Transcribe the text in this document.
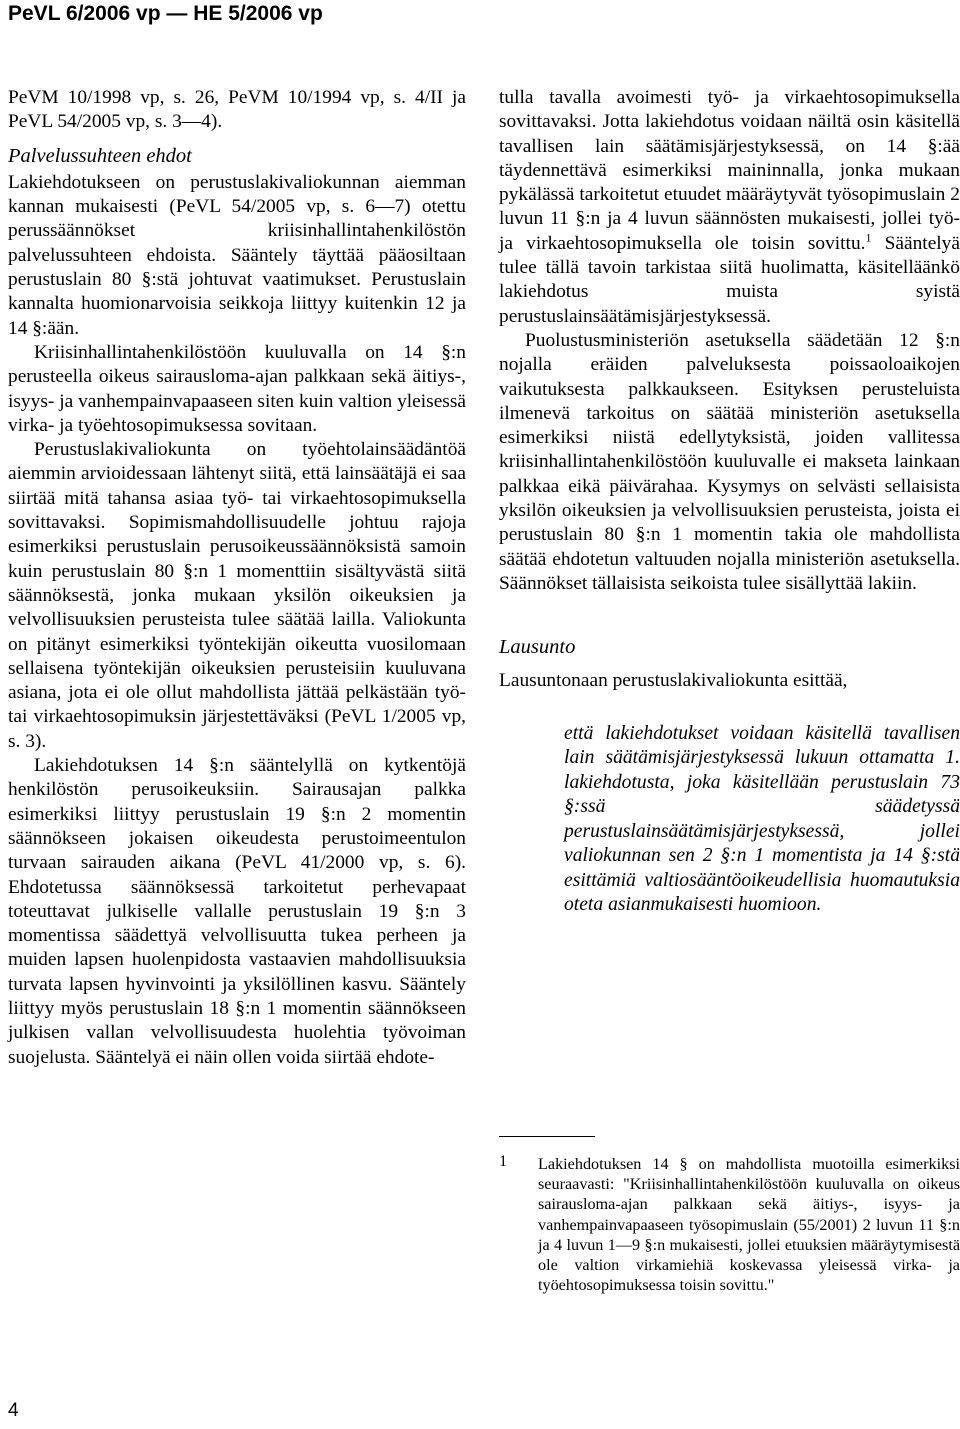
PeVL 6/2006 vp — HE 5/2006 vp

PeVM 10/1998 vp, s. 26, PeVM 10/1994 vp, s. 4/II ja PeVL 54/2005 vp, s. 3—4).

Palvelussuhteen ehdot

Lakiehdotukseen on perustuslakivaliokunnan aiemman kannan mukaisesti (PeVL 54/2005 vp, s. 6—7) otettu perussäännökset kriisinhallintahenkilöstön palvelussuhteen ehdoista. Sääntely täyttää pääosiltaan perustuslain 80 §:stä johtuvat vaatimukset. Perustuslain kannalta huomionarvoisia seikkoja liittyy kuitenkin 12 ja 14 §:ään.

Kriisinhallintahenkilöstöön kuuluvalla on 14 §:n perusteella oikeus sairausloma-ajan palkkaan sekä äitiys-, isyys- ja vanhempainvapaaseen siten kuin valtion yleisessä virka- ja työehtosopimuksessa sovitaan.

Perustuslakivaliokunta on työehtolainsäädäntöä aiemmin arvioidessaan lähtenyt siitä, että lainsäätäjä ei saa siirtää mitä tahansa asiaa työ- tai virkaehtosopimuksella sovittavaksi. Sopimismahdollisuudelle johtuu rajoja esimerkiksi perustuslain perusoikeussäännöksistä samoin kuin perustuslain 80 §:n 1 momenttiin sisältyvästä siitä säännöksestä, jonka mukaan yksilön oikeuksien ja velvollisuuksien perusteista tulee säätää lailla. Valiokunta on pitänyt esimerkiksi työntekijän oikeutta vuosilomaan sellaisena työntekijän oikeuksien perusteisiin kuuluvana asiana, jota ei ole ollut mahdollista jättää pelkästään työ- tai virkaehtosopimuksin järjestettäväksi (PeVL 1/2005 vp, s. 3).

Lakiehdotuksen 14 §:n sääntelyllä on kytkentöjä henkilöstön perusoikeuksiin. Sairausajan palkka esimerkiksi liittyy perustuslain 19 §:n 2 momentin säännökseen jokaisen oikeudesta perustoimeentulon turvaan sairauden aikana (PeVL 41/2000 vp, s. 6). Ehdotetussa säännöksessä tarkoitetut perhevapaat toteuttavat julkiselle vallalle perustuslain 19 §:n 3 momentissa säädettyä velvollisuutta tukea perheen ja muiden lapsen huolenpidosta vastaavien mahdollisuuksia turvata lapsen hyvinvointi ja yksilöllinen kasvu. Sääntely liittyy myös perustuslain 18 §:n 1 momentin säännökseen julkisen vallan velvollisuudesta huolehtia työvoiman suojelusta. Sääntelyä ei näin ollen voida siirtää ehdote-

tulla tavalla avoimesti työ- ja virkaehtosopimuksella sovittavaksi. Jotta lakiehdotus voidaan näiltä osin käsitellä tavallisen lain säätämisjärjestyksessä, on 14 §:ää täydennettävä esimerkiksi maininnalla, jonka mukaan pykälässä tarkoitetut etuudet määräytyvät työsopimuslain 2 luvun 11 §:n ja 4 luvun säännösten mukaisesti, jollei työ- ja virkaehtosopimuksella ole toisin sovittu.$^1$ Sääntelyä tulee tällä tavoin tarkistaa siitä huolimatta, käsitelläänkö lakiehdotus muista syistä perustuslainsäätämisjärjestyksessä.

Puolustusministeriön asetuksella säädetään 12 §:n nojalla eräiden palveluksesta poissaoloaikojen vaikutuksesta palkkaukseen. Esityksen perusteluista ilmenevä tarkoitus on säätää ministeriön asetuksella esimerkiksi niistä edellytyksistä, joiden vallitessa kriisinhallintahenkilöstöön kuuluvalle ei makseta lainkaan palkkaa eikä päivärahaa. Kysymys on selvästi sellaisista yksilön oikeuksien ja velvollisuuksien perusteista, joista ei perustuslain 80 §:n 1 momentin takia ole mahdollista säätää ehdotetun valtuuden nojalla ministeriön asetuksella. Säännökset tällaisista seikoista tulee sisällyttää lakiin.

Lausunto

Lausuntonaan perustuslakivaliokunta esittää,

että lakiehdotukset voidaan käsitellä tavallisen lain säätämisjärjestyksessä lukuun ottamatta 1. lakiehdotusta, joka käsitellään perustuslain 73 §:ssä säädetyssä perustuslainsäätämisjärjestyksessä, jollei valiokunnan sen 2 §:n 1 momentista ja 14 §:stä esittämiä valtiosääntöoikeudellisia huomautuksia oteta asianmukaisesti huomioon.

1 Lakiehdotuksen 14 § on mahdollista muotoilla esimerkiksi seuraavasti: "Kriisinhallintahenkilöstöön kuuluvalla on oikeus sairausloma-ajan palkkaan sekä äitiys-, isyys- ja vanhempainvapaaseen työsopimuslain (55/2001) 2 luvun 11 §:n ja 4 luvun 1—9 §:n mukaisesti, jollei etuuksien määräytymisestä ole valtion virkamiehiä koskevassa yleisessä virka- ja työehtosopimuksessa toisin sovittu."
4
